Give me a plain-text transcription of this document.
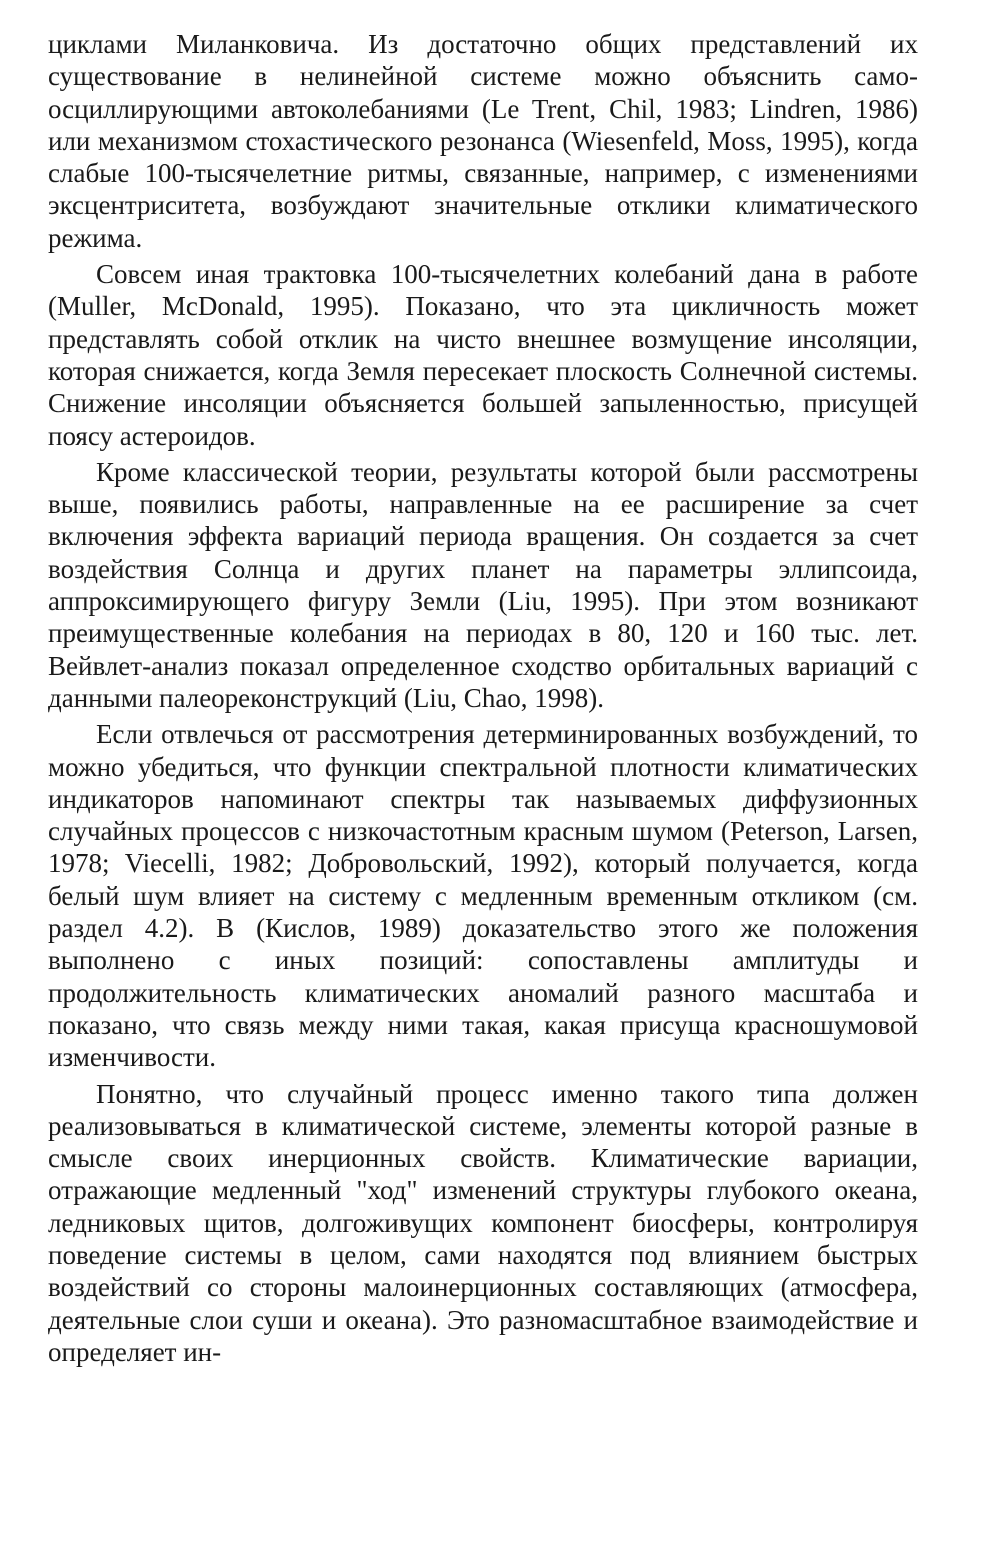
циклами Миланковича. Из достаточно общих представлений их существование в нелинейной системе можно объяснить самоосциллирующими автоколебаниями (Le Trent, Chil, 1983; Lindren, 1986) или механизмом стохастического резонанса (Wiesenfeld, Moss, 1995), когда слабые 100-тысячелетние ритмы, связанные, например, с изменениями эксцентриситета, возбуждают значительные отклики климатического режима.

Совсем иная трактовка 100-тысячелетних колебаний дана в работе (Muller, McDonald, 1995). Показано, что эта цикличность может представлять собой отклик на чисто внешнее возмущение инсоляции, которая снижается, когда Земля пересекает плоскость Солнечной системы. Снижение инсоляции объясняется большей запыленностью, присущей поясу астероидов.

Кроме классической теории, результаты которой были рассмотрены выше, появились работы, направленные на ее расширение за счет включения эффекта вариаций периода вращения. Он создается за счет воздействия Солнца и других планет на параметры эллипсоида, аппроксимирующего фигуру Земли (Liu, 1995). При этом возникают преимущественные колебания на периодах в 80, 120 и 160 тыс. лет. Вейвлет-анализ показал определенное сходство орбитальных вариаций с данными палеореконструкций (Liu, Chao, 1998).

Если отвлечься от рассмотрения детерминированных возбуждений, то можно убедиться, что функции спектральной плотности климатических индикаторов напоминают спектры так называемых диффузионных случайных процессов с низкочастотным красным шумом (Peterson, Larsen, 1978; Viecelli, 1982; Добровольский, 1992), который получается, когда белый шум влияет на систему с медленным временным откликом (см. раздел 4.2). В (Кислов, 1989) доказательство этого же положения выполнено с иных позиций: сопоставлены амплитуды и продолжительность климатических аномалий разного масштаба и показано, что связь между ними такая, какая присуща красношумовой изменчивости.

Понятно, что случайный процесс именно такого типа должен реализовываться в климатической системе, элементы которой разные в смысле своих инерционных свойств. Климатические вариации, отражающие медленный "ход" изменений структуры глубокого океана, ледниковых щитов, долгоживущих компонент биосферы, контролируя поведение системы в целом, сами находятся под влиянием быстрых воздействий со стороны малоинерционных составляющих (атмосфера, деятельные слои суши и океана). Это разномасштабное взаимодействие и определяет ин-
